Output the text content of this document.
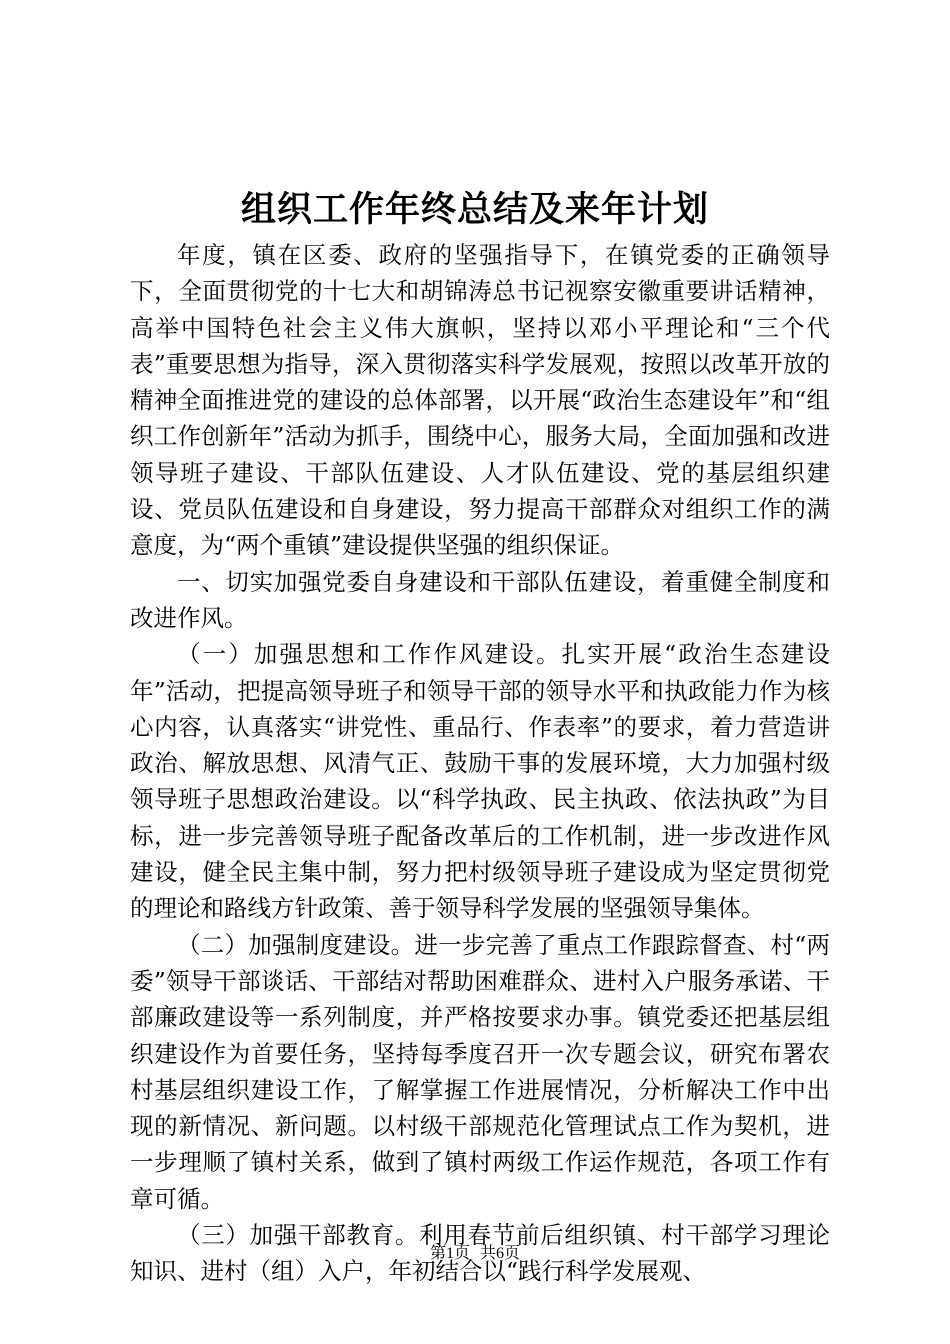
组织工作年终总结及来年计划

年度，镇在区委、政府的坚强指导下，在镇党委的正确领导下，全面贯彻党的十七大和胡锦涛总书记视察安徽重要讲话精神，高举中国特色社会主义伟大旗帜，坚持以邓小平理论和“三个代表”重要思想为指导，深入贯彻落实科学发展观，按照以改革开放的精神全面推进党的建设的总体部署，以开展“政治生态建设年”和“组织工作创新年”活动为抓手，围绕中心，服务大局，全面加强和改进领导班子建设、干部队伍建设、人才队伍建设、党的基层组织建设、党员队伍建设和自身建设，努力提高干部群众对组织工作的满意度，为“两个重镇”建设提供坚强的组织保证。

一、切实加强党委自身建设和干部队伍建设，着重健全制度和改进作风。

（一）加强思想和工作作风建设。扎实开展“政治生态建设年”活动，把提高领导班子和领导干部的领导水平和执政能力作为核心内容，认真落实“讲党性、重品行、作表率”的要求，着力营造讲政治、解放思想、风清气正、鼓励干事的发展环境，大力加强村级领导班子思想政治建设。以“科学执政、民主执政、依法执政”为目标，进一步完善领导班子配备改革后的工作机制，进一步改进作风建设，健全民主集中制，努力把村级领导班子建设成为坚定贯彻党的理论和路线方针政策、善于领导科学发展的坚强领导集体。

（二）加强制度建设。进一步完善了重点工作跟踪督查、村“两委”领导干部谈话、干部结对帮助困难群众、进村入户服务承诺、干部廉政建设等一系列制度，并严格按要求办事。镇党委还把基层组织建设作为首要任务，坚持每季度召开一次专题会议，研究布署农村基层组织建设工作，了解掌握工作进展情况，分析解决工作中出现的新情况、新问题。以村级干部规范化管理试点工作为契机，进一步理顺了镇村关系，做到了镇村两级工作运作规范，各项工作有章可循。

（三）加强干部教育。利用春节前后组织镇、村干部学习理论知识、进村（组）入户，年初结合以“践行科学发展观、

第1页 共6页
